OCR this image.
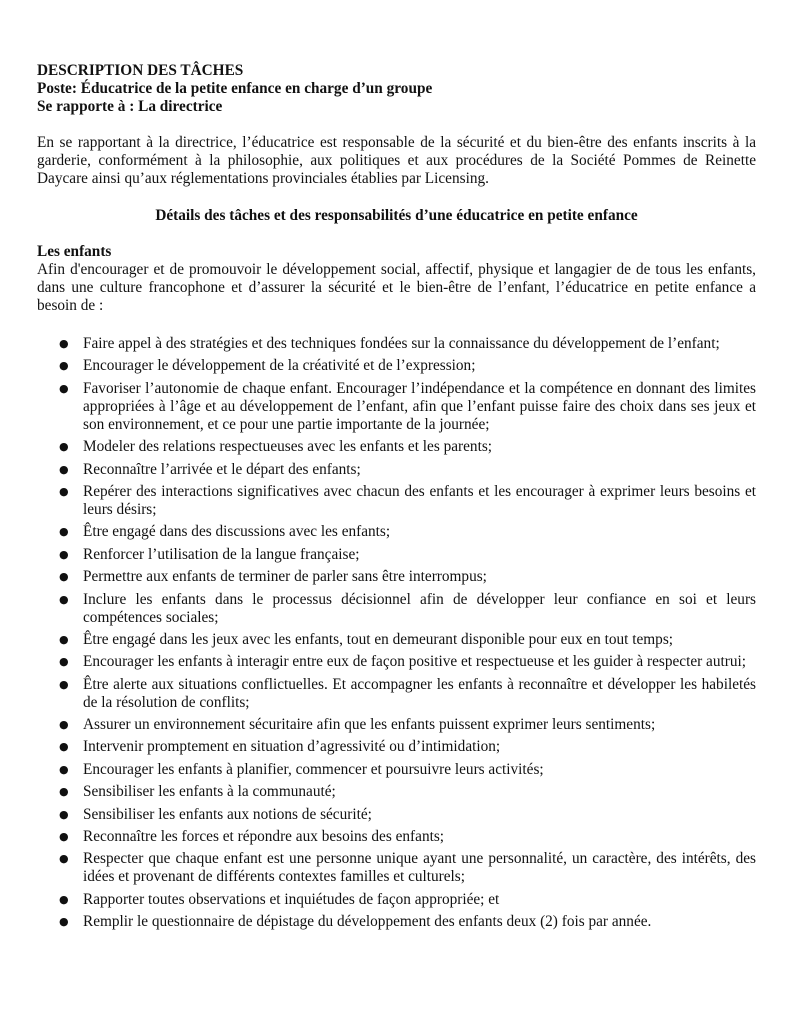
DESCRIPTION DES TÂCHES

Poste: Éducatrice de la petite enfance en charge d’un groupe

Se rapporte à : La directrice

En se rapportant à la directrice, l’éducatrice est responsable de la sécurité et du bien-être des enfants inscrits à la garderie, conformément à la philosophie, aux politiques et aux procédures de la Société Pommes de Reinette Daycare ainsi qu’aux réglementations provinciales établies par Licensing.

Détails des tâches et des responsabilités d’une éducatrice en petite enfance

Les enfants

Afin d'encourager et de promouvoir le développement social, affectif, physique et langagier de de tous les enfants, dans une culture francophone et d’assurer la sécurité et le bien-être de l’enfant, l’éducatrice en petite enfance a besoin de :

● Faire appel à des stratégies et des techniques fondées sur la connaissance du développement de l’enfant;
● Encourager le développement de la créativité et de l’expression;
● Favoriser l’autonomie de chaque enfant. Encourager l’indépendance et la compétence en donnant des limites appropriées à l’âge et au développement de l’enfant, afin que l’enfant puisse faire des choix dans ses jeux et son environnement, et ce pour une partie importante de la journée;
● Modeler des relations respectueuses avec les enfants et les parents;
● Reconnaître l’arrivée et le départ des enfants;
● Repérer des interactions significatives avec chacun des enfants et les encourager à exprimer leurs besoins et leurs désirs;
● Être engagé dans des discussions avec les enfants;
● Renforcer l’utilisation de la langue française;
● Permettre aux enfants de terminer de parler sans être interrompus;
● Inclure les enfants dans le processus décisionnel afin de développer leur confiance en soi et leurs compétences sociales;
● Être engagé dans les jeux avec les enfants, tout en demeurant disponible pour eux en tout temps;
● Encourager les enfants à interagir entre eux de façon positive et respectueuse et les guider à respecter autrui;
● Être alerte aux situations conflictuelles. Et accompagner les enfants à reconnaître et développer les habiletés de la résolution de conflits;
● Assurer un environnement sécuritaire afin que les enfants puissent exprimer leurs sentiments;
● Intervenir promptement en situation d’agressivité ou d’intimidation;
● Encourager les enfants à planifier, commencer et poursuivre leurs activités;
● Sensibiliser les enfants à la communauté;
● Sensibiliser les enfants aux notions de sécurité;
● Reconnaître les forces et répondre aux besoins des enfants;
● Respecter que chaque enfant est une personne unique ayant une personnalité, un caractère, des intérêts, des idées et provenant de différents contextes familles et culturels;
● Rapporter toutes observations et inquiétudes de façon appropriée; et
● Remplir le questionnaire de dépistage du développement des enfants deux (2) fois par année.
